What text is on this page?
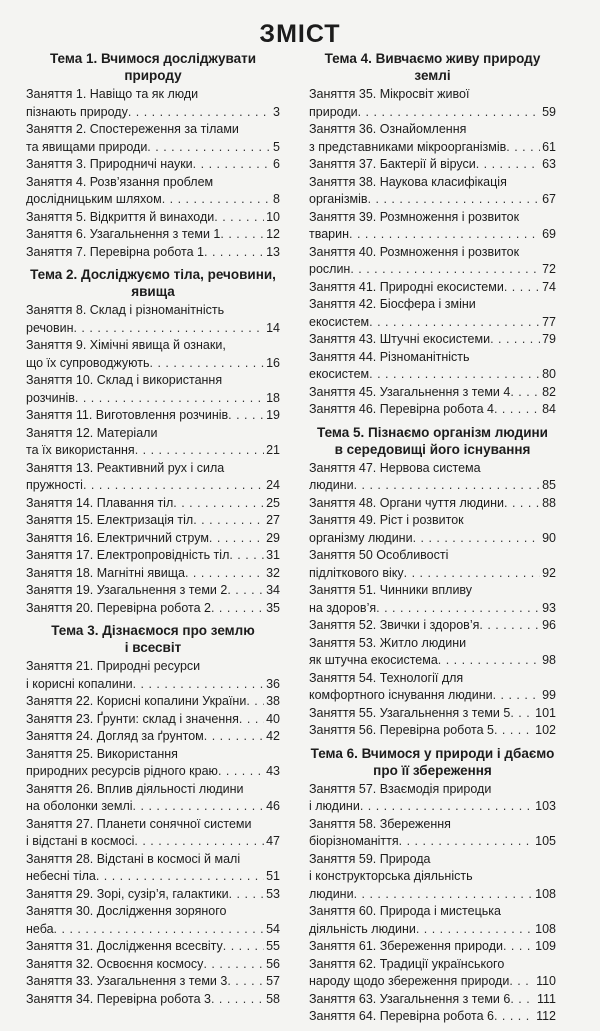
ЗМІСТ
Тема 1. Вчимося досліджувати
природу
Заняття 1. Навіщо та як люди
пізнають природу . . .	3
Заняття 2. Спостереження за тілами
та явищами природи . . .	5
Заняття 3. Природничі науки . . .	6
Заняття 4. Розв’язання проблем
дослідницьким шляхом . . .	8
Заняття 5. Відкриття й винаходи . . .	10
Заняття 6. Узагальнення з теми 1 . . .	12
Заняття 7. Перевірна робота 1 . . .	13
Тема 2. Досліджуємо тіла, речовини,
явища
Заняття 8. Склад і різноманітність
речовин . . .	14
Заняття 9. Хімічні явища й ознаки,
що їх супроводжують . . .	16
Заняття 10. Склад і використання
розчинів . . .	18
Заняття 11. Виготовлення розчинів . . .	19
Заняття 12. Матеріали
та їх використання . . .	21
Заняття 13. Реактивний рух і сила
пружності . . .	24
Заняття 14. Плавання тіл . . .	25
Заняття 15. Електризація тіл . . .	27
Заняття 16. Електричний струм . . .	29
Заняття 17. Електропровідність тіл . . .	31
Заняття 18. Магнітні явища . . .	32
Заняття 19. Узагальнення з теми 2 . . .	34
Заняття 20. Перевірна робота 2 . . .	35
Тема 3. Дізнаємося про землю
і всесвіт
Заняття 21. Природні ресурси
і корисні копалини . . .	36
Заняття 22. Корисні копалини України . . . 38
Заняття 23. Ґрунти: склад і значення . . . 40
Заняття 24. Догляд за ґрунтом . . .	42
Заняття 25. Використання
природних ресурсів рідного краю . . .	43
Заняття 26. Вплив діяльності людини
на оболонки землі . . .	46
Заняття 27. Планети сонячної системи
і відстані в космосі . . .	47
Заняття 28. Відстані в космосі й малі
небесні тіла . . .	51
Заняття 29. Зорі, сузір’я, галактики . . .	53
Заняття 30. Дослідження зоряного
неба . . .	54
Заняття 31. Дослідження всесвіту . . .	55
Заняття 32. Освоєння космосу . . .	56
Заняття 33. Узагальнення з теми 3 . . .	57
Заняття 34. Перевірна робота 3 . . .	58
Тема 4. Вивчаємо живу природу землі
Заняття 35. Мікросвіт живої
природи . . .	59
Заняття 36. Ознайомлення
з представниками мікроорганізмів . . .	61
Заняття 37. Бактерії й віруси . . .	63
Заняття 38. Наукова класифікація
організмів . . .	67
Заняття 39. Розмноження і розвиток
тварин . . .	69
Заняття 40. Розмноження і розвиток
рослин . . .	72
Заняття 41. Природні екосистеми . . .	74
Заняття 42. Біосфера і зміни
екосистем . . .	77
Заняття 43. Штучні екосистеми . . .	79
Заняття 44. Різноманітність
екосистем . . .	80
Заняття 45. Узагальнення з теми 4 . . .	82
Заняття 46. Перевірна робота 4 . . .	84
Тема 5. Пізнаємо організм людини
в середовищі його існування
Заняття 47. Нервова система
людини . . .	85
Заняття 48. Органи чуття людини . . .	88
Заняття 49. Ріст і розвиток
організму людини . . .	90
Заняття 50 Особливості
підліткового віку . . .	92
Заняття 51. Чинники впливу
на здоров’я . . .	93
Заняття 52. Звички і здоров’я . . .	96
Заняття 53. Житло людини
як штучна екосистема . . .	98
Заняття 54. Технології для
комфортного існування людини . . .	99
Заняття 55. Узагальнення з теми 5 . . . 101
Заняття 56. Перевірна робота 5 . . .	102
Тема 6. Вчимося у природи і дбаємо
про її збереження
Заняття 57. Взаємодія природи
і людини . . .	103
Заняття 58. Збереження
біорізноманіття . . .	105
Заняття 59. Природа
і конструкторська діяльність
людини . . .	108
Заняття 60. Природа і мистецька
діяльність людини . . .	108
Заняття 61. Збереження природи . . .	109
Заняття 62. Традиції українського
народу щодо збереження природи . . . 110
Заняття 63. Узагальнення з теми 6 . . . 111
Заняття 64. Перевірна робота 6 . . .	112
